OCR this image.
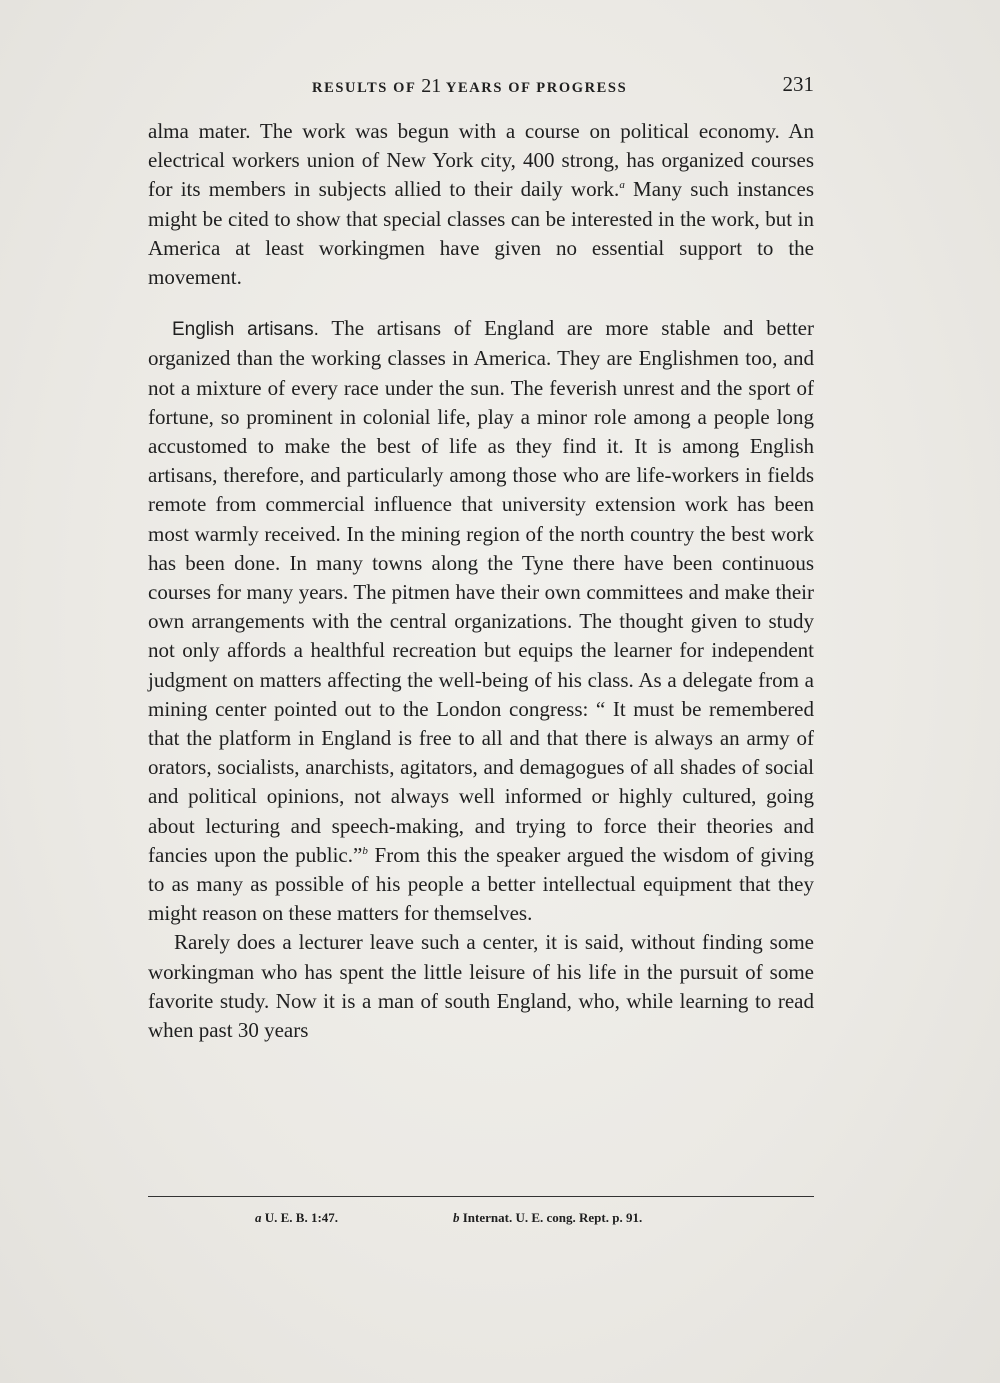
RESULTS OF 21 YEARS OF PROGRESS	231

alma mater. The work was begun with a course on political economy. An electrical workers union of New York city, 400 strong, has organized courses for its members in subjects allied to their daily work.$^a$ Many such instances might be cited to show that special classes can be interested in the work, but in America at least workingmen have given no essential support to the movement.

English artisans. The artisans of England are more stable and better organized than the working classes in America. They are Englishmen too, and not a mixture of every race under the sun. The feverish unrest and the sport of fortune, so prominent in colonial life, play a minor role among a people long accustomed to make the best of life as they find it. It is among English artisans, therefore, and particularly among those who are life-workers in fields remote from commercial influence that university extension work has been most warmly received. In the mining region of the north country the best work has been done. In many towns along the Tyne there have been continuous courses for many years. The pitmen have their own committees and make their own arrangements with the central organizations. The thought given to study not only affords a healthful recreation but equips the learner for independent judgment on matters affecting the well-being of his class. As a delegate from a mining center pointed out to the London congress: “ It must be remembered that the platform in England is free to all and that there is always an army of orators, socialists, anarchists, agitators, and demagogues of all shades of social and political opinions, not always well informed or highly cultured, going about lecturing and speech-making, and trying to force their theories and fancies upon the public.”$^b$ From this the speaker argued the wisdom of giving to as many as possible of his people a better intellectual equipment that they might reason on these matters for themselves.

Rarely does a lecturer leave such a center, it is said, without finding some workingman who has spent the little leisure of his life in the pursuit of some favorite study. Now it is a man of south England, who, while learning to read when past 30 years

a U. E. B. 1:47.	b Internat. U. E. cong. Rept. p. 91.
